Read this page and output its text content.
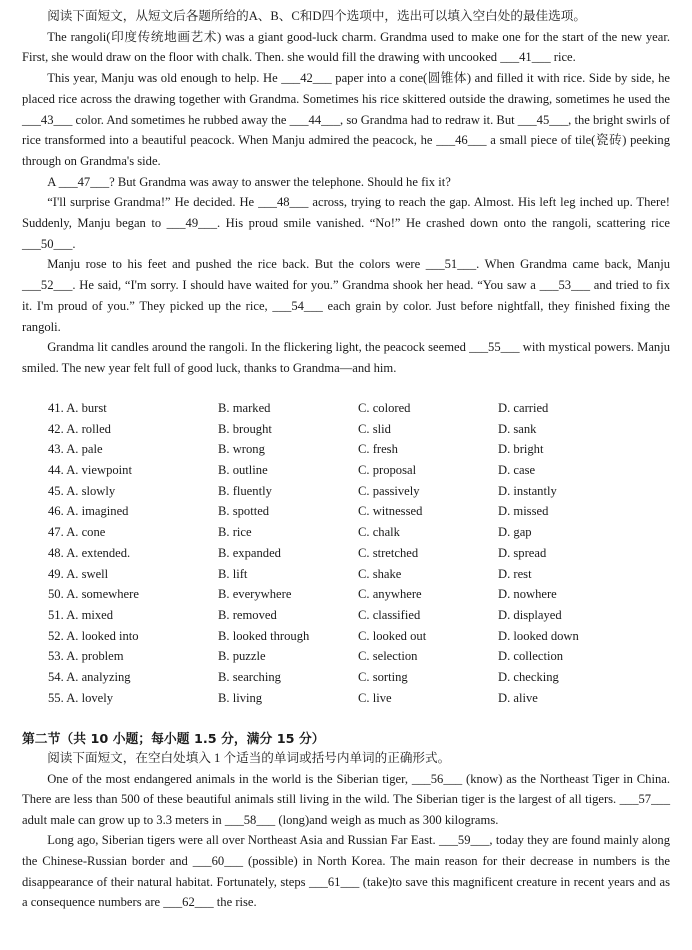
阅读下面短文，从短文后各题所给的A、B、C和D四个选项中，选出可以填入空白处的最佳选项。

The rangoli(印度传统地画艺术) was a giant good-luck charm. Grandma used to make one for the start of the new year. First, she would draw on the floor with chalk. Then. she would fill the drawing with uncooked ___41___ rice.

This year, Manju was old enough to help. He ___42___ paper into a cone(圆锥体) and filled it with rice. Side by side, he placed rice across the drawing together with Grandma. Sometimes his rice skittered outside the drawing, sometimes he used the ___43___ color. And sometimes he rubbed away the ___44___, so Grandma had to redraw it. But ___45___, the bright swirls of rice transformed into a beautiful peacock. When Manju admired the peacock, he ___46___ a small piece of tile(瓷砖) peeking through on Grandma's side.

A ___47___? But Grandma was away to answer the telephone. Should he fix it?

“I'll surprise Grandma!” He decided. He ___48___ across, trying to reach the gap. Almost. His left leg inched up. There! Suddenly, Manju began to ___49___. His proud smile vanished. “No!” He crashed down onto the rangoli, scattering rice ___50___.

Manju rose to his feet and pushed the rice back. But the colors were ___51___. When Grandma came back, Manju ___52___. He said, “I'm sorry. I should have waited for you.” Grandma shook her head. “You saw a ___53___ and tried to fix it. I'm proud of you.” They picked up the rice, ___54___ each grain by color. Just before nightfall, they finished fixing the rangoli.

Grandma lit candles around the rangoli. In the flickering light, the peacock seemed ___55___ with mystical powers. Manju smiled. The new year felt full of good luck, thanks to Grandma—and him.

41. A. burst	B. marked	C. colored	D. carried
42. A. rolled	B. brought	C. slid	D. sank
43. A. pale	B. wrong	C. fresh	D. bright
44. A. viewpoint	B. outline	C. proposal	D. case
45. A. slowly	B. fluently	C. passively	D. instantly
46. A. imagined	B. spotted	C. witnessed	D. missed
47. A. cone	B. rice	C. chalk	D. gap
48. A. extended.	B. expanded	C. stretched	D. spread
49. A. swell	B. lift	C. shake	D. rest
50. A. somewhere	B. everywhere	C. anywhere	D. nowhere
51. A. mixed	B. removed	C. classified	D. displayed
52. A. looked into	B. looked through	C. looked out	D. looked down
53. A. problem	B. puzzle	C. selection	D. collection
54. A. analyzing	B. searching	C. sorting	D. checking
55. A. lovely	B. living	C. live	D. alive
第二节（共 10 小题；每小题 1.5 分，满分 15 分）

阅读下面短文，在空白处填入 1 个适当的单词或括号内单词的正确形式。

One of the most endangered animals in the world is the Siberian tiger, ___56___ (know) as the Northeast Tiger in China. There are less than 500 of these beautiful animals still living in the wild. The Siberian tiger is the largest of all tigers. ___57___ adult male can grow up to 3.3 meters in ___58___ (long)and weigh as much as 300 kilograms.

Long ago, Siberian tigers were all over Northeast Asia and Russian Far East. ___59___, today they are found mainly along the Chinese-Russian border and ___60___ (possible) in North Korea. The main reason for their decrease in numbers is the disappearance of their natural habitat. Fortunately, steps ___61___ (take)to save this magnificent creature in recent years and as a consequence numbers are ___62___ the rise.
